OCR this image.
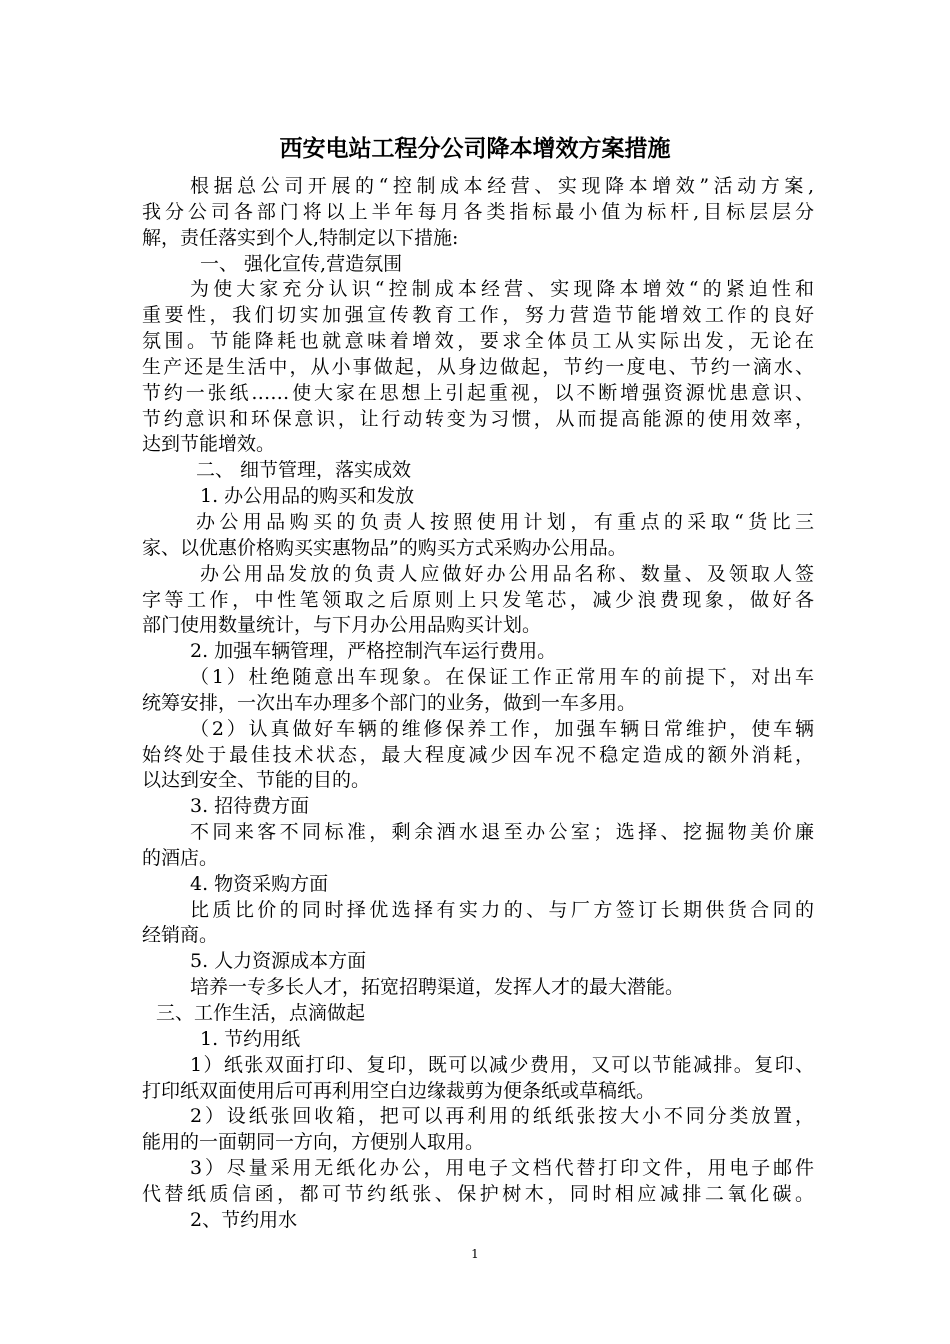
西安电站工程分公司降本增效方案措施
根据总公司开展的“控制成本经营、实现降本增效”活动方案,
我分公司各部门将以上半年每月各类指标最小值为标杆,目标层层分
解，责任落实到个人,特制定以下措施:
一、 强化宣传,营造氛围
为使大家充分认识“控制成本经营、实现降本增效“的紧迫性和
重要性，我们切实加强宣传教育工作，努力营造节能增效工作的良好
氛围。节能降耗也就意味着增效，要求全体员工从实际出发，无论在
生产还是生活中，从小事做起，从身边做起，节约一度电、节约一滴水、
节约一张纸……使大家在思想上引起重视，以不断增强资源忧患意识、
节约意识和环保意识，让行动转变为习惯，从而提高能源的使用效率，
达到节能增效。
二、 细节管理，落实成效
1. 办公用品的购买和发放
办公用品购买的负责人按照使用计划，有重点的采取“货比三
家、以优惠价格购买实惠物品”的购买方式采购办公用品。
办公用品发放的负责人应做好办公用品名称、数量、及领取人签
字等工作，中性笔领取之后原则上只发笔芯，减少浪费现象，做好各
部门使用数量统计，与下月办公用品购买计划。
2. 加强车辆管理，严格控制汽车运行费用。
（1）杜绝随意出车现象。在保证工作正常用车的前提下，对出车
统筹安排，一次出车办理多个部门的业务，做到一车多用。
（2）认真做好车辆的维修保养工作，加强车辆日常维护，使车辆
始终处于最佳技术状态，最大程度减少因车况不稳定造成的额外消耗，
以达到安全、节能的目的。
3. 招待费方面
不同来客不同标准，剩余酒水退至办公室；选择、挖掘物美价廉
的酒店。
4. 物资采购方面
比质比价的同时择优选择有实力的、与厂方签订长期供货合同的
经销商。
5. 人力资源成本方面
培养一专多长人才，拓宽招聘渠道，发挥人才的最大潜能。
三、工作生活，点滴做起
1. 节约用纸
1）纸张双面打印、复印，既可以减少费用，又可以节能减排。复印、
打印纸双面使用后可再利用空白边缘裁剪为便条纸或草稿纸。
2）设纸张回收箱，把可以再利用的纸纸张按大小不同分类放置，
能用的一面朝同一方向，方便别人取用。
3）尽量采用无纸化办公，用电子文档代替打印文件，用电子邮件
代替纸质信函，都可节约纸张、保护树木，同时相应减排二氧化碳。
2、节约用水
1
